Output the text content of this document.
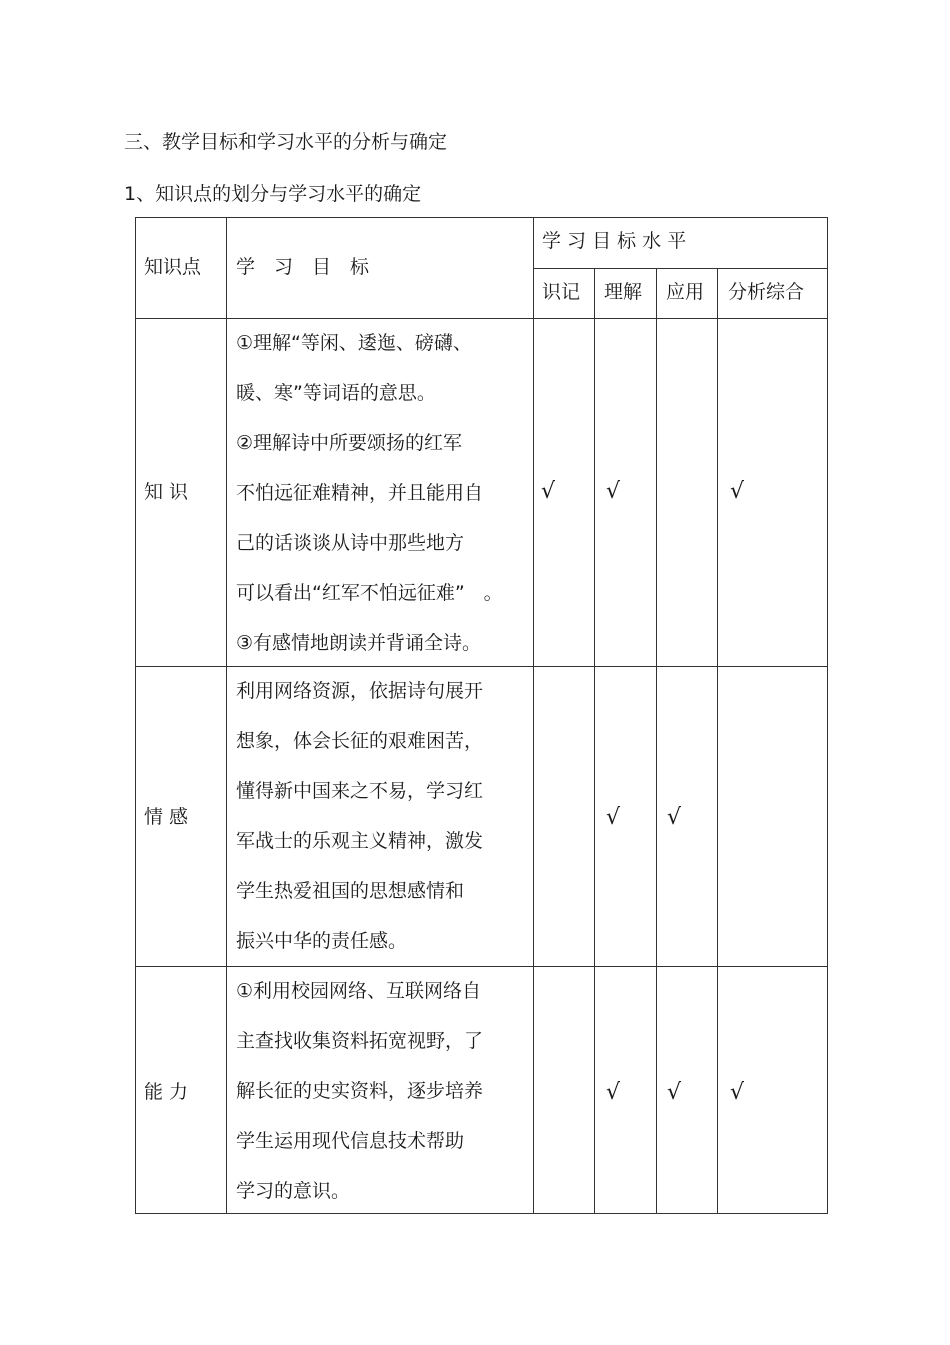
三、教学目标和学习水平的分析与确定
1、知识点的划分与学习水平的确定
知识点 学　习　目　标
学 习 目 标 水 平
识记 理解 应用 分析综合
知 识
①理解“等闲、逶迤、磅礴、
暖、寒”等词语的意思。
②理解诗中所要颂扬的红军
不怕远征难精神，并且能用自
己的话谈谈从诗中那些地方
可以看出“红军不怕远征难”　。
③有感情地朗读并背诵全诗。
√ √	√
情 感
利用网络资源，依据诗句展开
想象，体会长征的艰难困苦，
懂得新中国来之不易，学习红
军战士的乐观主义精神，激发
学生热爱祖国的思想感情和
振兴中华的责任感。
√ √
能 力
①利用校园网络、互联网络自
主查找收集资料拓宽视野，了
解长征的史实资料，逐步培养
学生运用现代信息技术帮助
学习的意识。
√ √ √
